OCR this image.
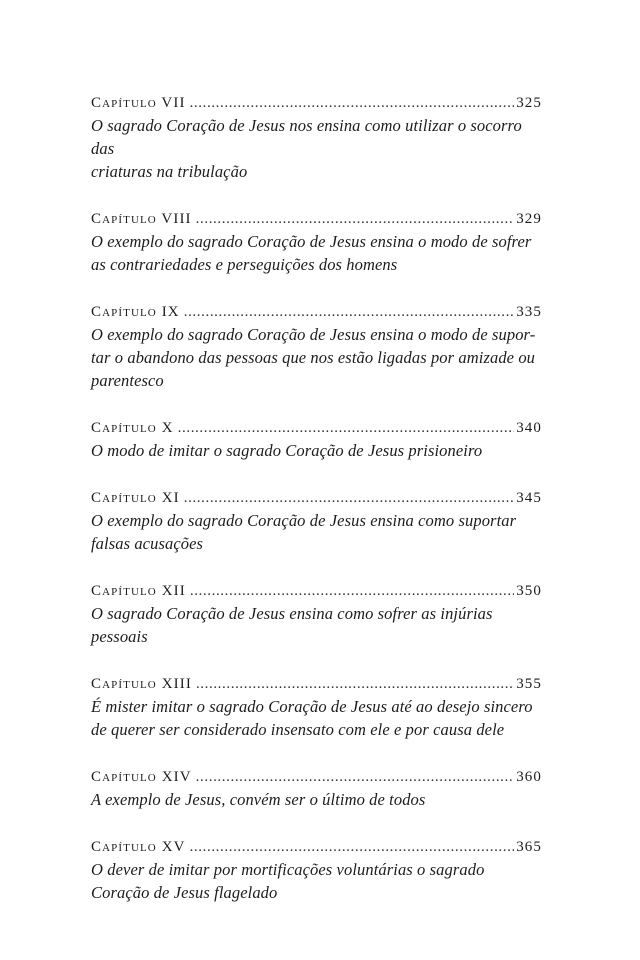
Capítulo VII .....	325
O sagrado Coração de Jesus nos ensina como utilizar o socorro das
criaturas na tribulação
Capítulo VIII .....	329
O exemplo do sagrado Coração de Jesus ensina o modo de sofrer
as contrariedades e perseguições dos homens
Capítulo IX .....	335
O exemplo do sagrado Coração de Jesus ensina o modo de supor-
tar o abandono das pessoas que nos estão ligadas por amizade ou
parentesco
Capítulo X .....	340
O modo de imitar o sagrado Coração de Jesus prisioneiro
Capítulo XI .....	345
O exemplo do sagrado Coração de Jesus ensina como suportar
falsas acusações
Capítulo XII .....	350
O sagrado Coração de Jesus ensina como sofrer as injúrias pessoais
Capítulo XIII .....	355
É mister imitar o sagrado Coração de Jesus até ao desejo sincero
de querer ser considerado insensato com ele e por causa dele
Capítulo XIV .....	360
A exemplo de Jesus, convém ser o último de todos
Capítulo XV .....	365
O dever de imitar por mortificações voluntárias o sagrado
Coração de Jesus flagelado
